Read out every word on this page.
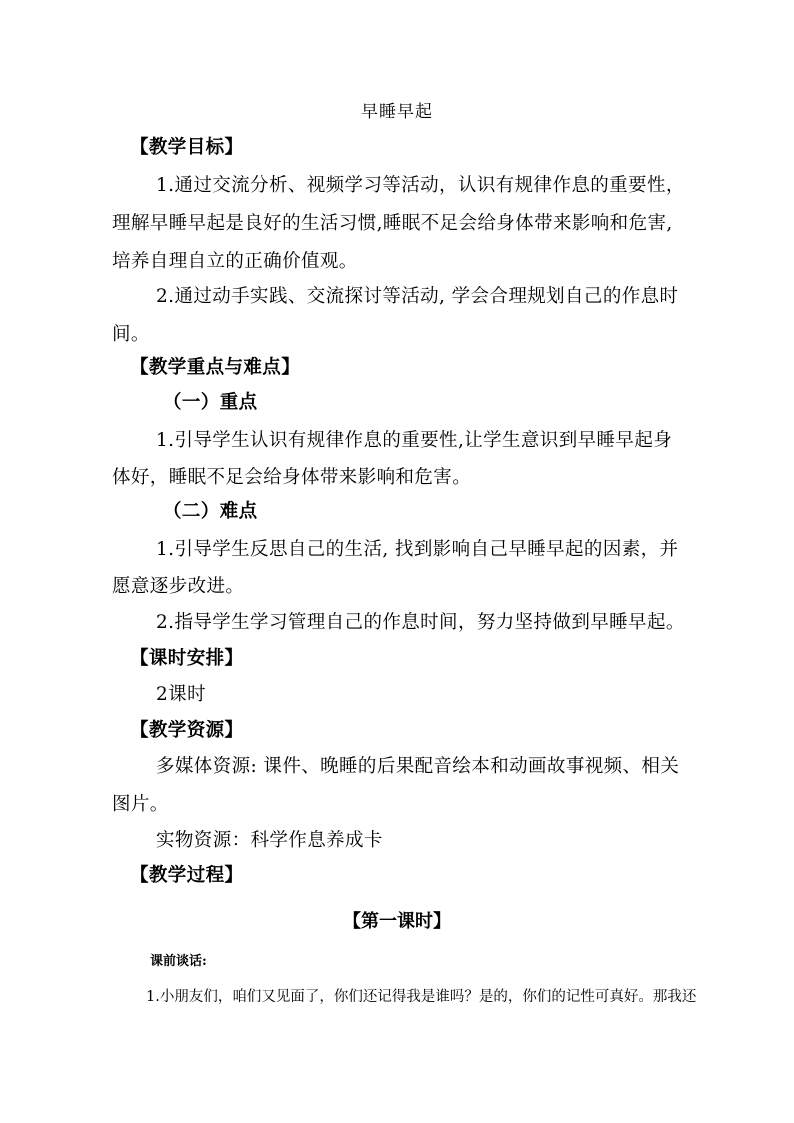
早睡早起
【教学目标】
1.通过交流分析、视频学习等活动，认识有规律作息的重要性，
理解早睡早起是良好的生活习惯,睡眠不足会给身体带来影响和危害,
培养自理自立的正确价值观。
2.通过动手实践、交流探讨等活动, 学会合理规划自己的作息时
间。
【教学重点与难点】
（一）重点
1.引导学生认识有规律作息的重要性,让学生意识到早睡早起身
体好，睡眠不足会给身体带来影响和危害。
（二）难点
1.引导学生反思自己的生活, 找到影响自己早睡早起的因素，并
愿意逐步改进。
2.指导学生学习管理自己的作息时间，努力坚持做到早睡早起。
【课时安排】
2课时
【教学资源】
多媒体资源: 课件、晚睡的后果配音绘本和动画故事视频、相关
图片。
实物资源：科学作息养成卡
【教学过程】
【第一课时】
课前谈话:
1.小朋友们，咱们又见面了，你们还记得我是谁吗？是的，你们的记性可真好。那我还
